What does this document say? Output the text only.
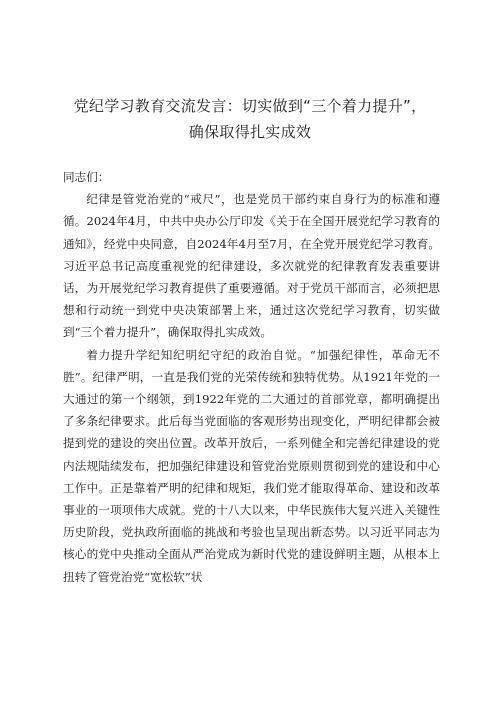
党纪学习教育交流发言：切实做到“三个着力提升”，
确保取得扎实成效

同志们：

纪律是管党治党的“戒尺”，也是党员干部约束自身行为的标准和遵循。2024年4月，中共中央办公厅印发《关于在全国开展党纪学习教育的通知》，经党中央同意，自2024年4月至7月，在全党开展党纪学习教育。习近平总书记高度重视党的纪律建设，多次就党的纪律教育发表重要讲话，为开展党纪学习教育提供了重要遵循。对于党员干部而言，必须把思想和行动统一到党中央决策部署上来，通过这次党纪学习教育，切实做到“三个着力提升”，确保取得扎实成效。

着力提升学纪知纪明纪守纪的政治自觉。“加强纪律性，革命无不胜”。纪律严明，一直是我们党的光荣传统和独特优势。从1921年党的一大通过的第一个纲领，到1922年党的二大通过的首部党章，都明确提出了多条纪律要求。此后每当党面临的客观形势出现变化，严明纪律都会被提到党的建设的突出位置。改革开放后，一系列健全和完善纪律建设的党内法规陆续发布，把加强纪律建设和管党治党原则贯彻到党的建设和中心工作中。正是靠着严明的纪律和规矩，我们党才能取得革命、建设和改革事业的一项项伟大成就。党的十八大以来，中华民族伟大复兴进入关键性历史阶段，党执政所面临的挑战和考验也呈现出新态势。以习近平同志为核心的党中央推动全面从严治党成为新时代党的建设鲜明主题，从根本上扭转了管党治党“宽松软”状
